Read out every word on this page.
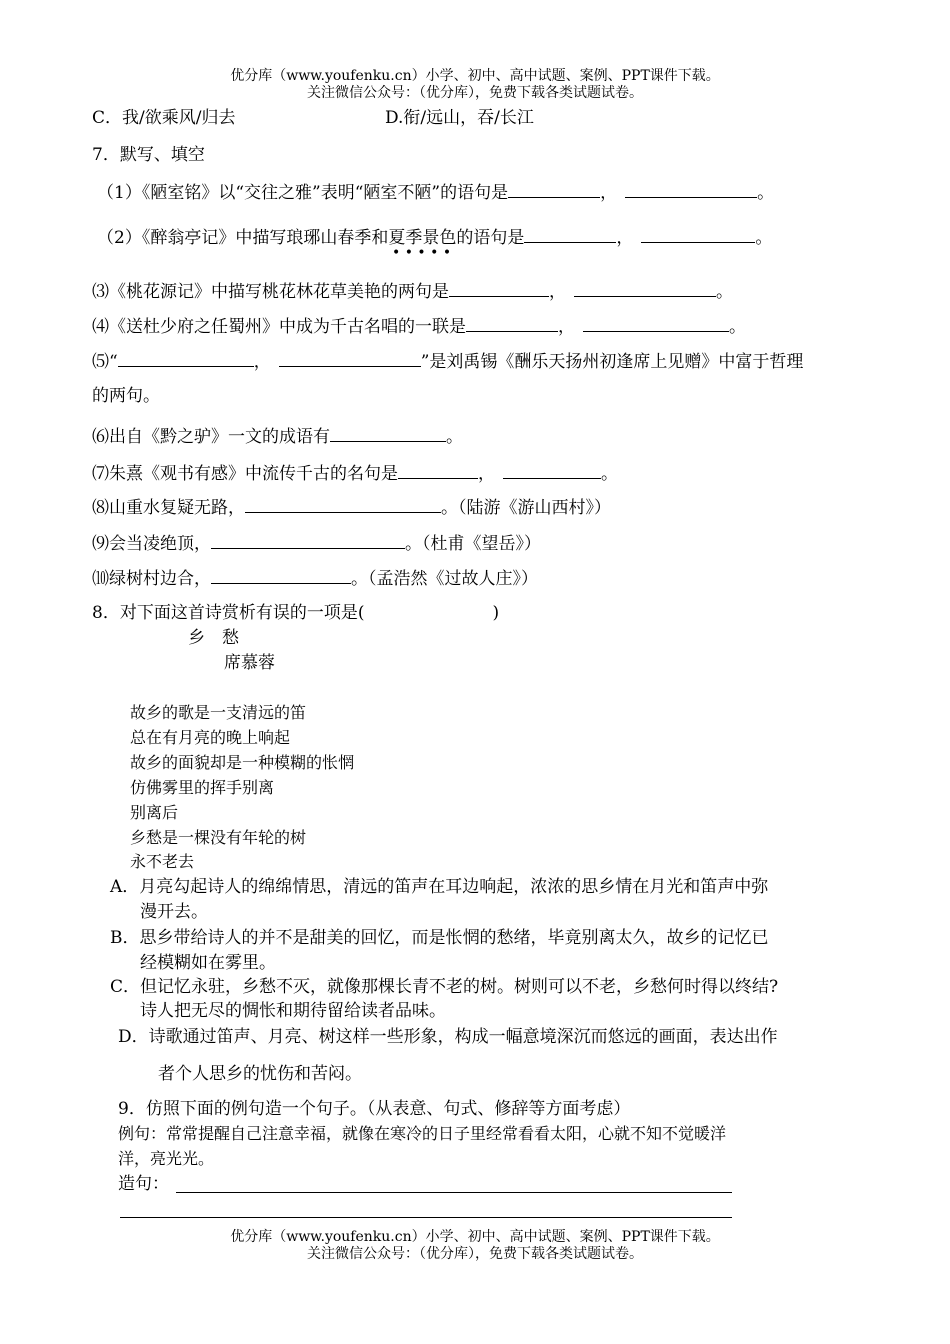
优分库（www.youfenku.cn）小学、初中、高中试题、案例、PPT课件下载。
关注微信公众号：（优分库），免费下载各类试题试卷。
C．我/欲乘风/归去	D.衔/远山，吞/长江
7．默写、填空
（1）《陋室铭》以“交往之雅”表明“陋室不陋”的语句是	，	。
（2）《醉翁亭记》中描写琅琊山春季和夏季景色的语句是	，	。
• • • • •
⑶《桃花源记》中描写桃花林花草美艳的两句是	，	。
⑷《送杜少府之任蜀州》中成为千古名唱的一联是	，	。
⑸“	，	”是刘禹锡《酬乐天扬州初逢席上见赠》中富于哲理
的两句。
⑹出自《黔之驴》一文的成语有	。
⑺朱熹《观书有感》中流传千古的名句是	，	。
⑻山重水复疑无路，	。（陆游《游山西村》）
⑼会当凌绝顶，	。（杜甫《望岳》）
⑽绿树村边合，	。（孟浩然《过故人庄》）
8．对下面这首诗赏析有误的一项是(	)
乡　愁
席慕蓉
故乡的歌是一支清远的笛
总在有月亮的晚上响起
故乡的面貌却是一种模糊的怅惘
仿佛雾里的挥手别离
别离后
乡愁是一棵没有年轮的树
永不老去
A．月亮勾起诗人的绵绵情思，清远的笛声在耳边响起，浓浓的思乡情在月光和笛声中弥
漫开去。
B．思乡带给诗人的并不是甜美的回忆，而是怅惘的愁绪，毕竟别离太久，故乡的记忆已
经模糊如在雾里。
C．但记忆永驻，乡愁不灭，就像那棵长青不老的树。树则可以不老，乡愁何时得以终结?
诗人把无尽的惆怅和期待留给读者品味。
D．诗歌通过笛声、月亮、树这样一些形象，构成一幅意境深沉而悠远的画面，表达出作
者个人思乡的忧伤和苦闷。
9．仿照下面的例句造一个句子。（从表意、句式、修辞等方面考虑）
例句：常常提醒自己注意幸福，就像在寒冷的日子里经常看看太阳，心就不知不觉暖洋
洋，亮光光。
造句：
优分库（www.youfenku.cn）小学、初中、高中试题、案例、PPT课件下载。
关注微信公众号：（优分库），免费下载各类试题试卷。
